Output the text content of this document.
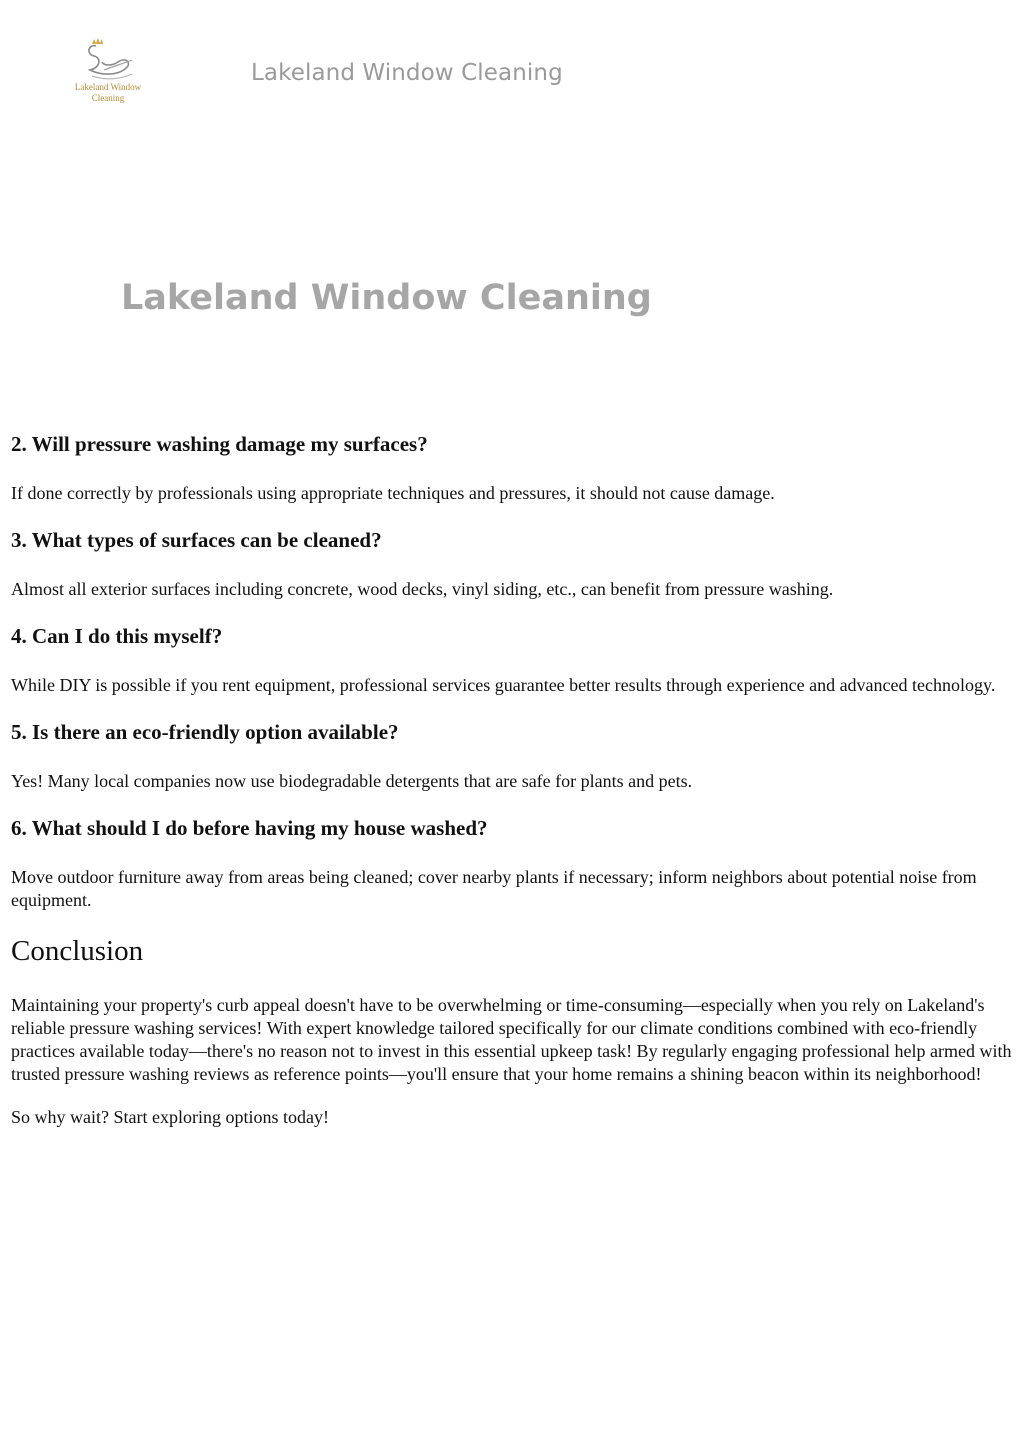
Lakeland Window
Cleaning
Lakeland Window Cleaning
Lakeland Window Cleaning
2. Will pressure washing damage my surfaces?

If done correctly by professionals using appropriate techniques and pressures, it should not cause damage.

3. What types of surfaces can be cleaned?

Almost all exterior surfaces including concrete, wood decks, vinyl siding, etc., can benefit from pressure washing.

4. Can I do this myself?

While DIY is possible if you rent equipment, professional services guarantee better results through experience and advanced technology.

5. Is there an eco-friendly option available?

Yes! Many local companies now use biodegradable detergents that are safe for plants and pets.

6. What should I do before having my house washed?

Move outdoor furniture away from areas being cleaned; cover nearby plants if necessary; inform neighbors about potential noise from equipment.

Conclusion

Maintaining your property's curb appeal doesn't have to be overwhelming or time-consuming—especially when you rely on Lakeland's reliable pressure washing services! With expert knowledge tailored specifically for our climate conditions combined with eco-friendly practices available today—there's no reason not to invest in this essential upkeep task! By regularly engaging professional help armed with trusted pressure washing reviews as reference points—you'll ensure that your home remains a shining beacon within its neighborhood!

So why wait? Start exploring options today!
